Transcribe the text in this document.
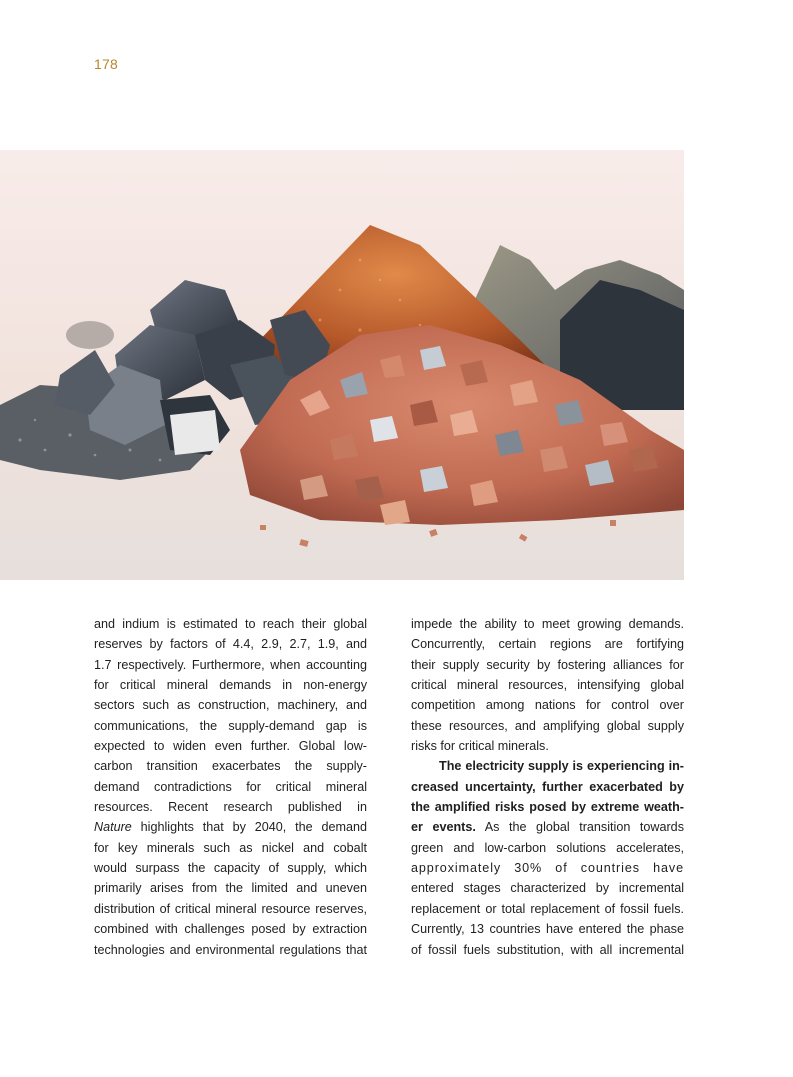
178
and indium is estimated to reach their global
reserves by factors of 4.4, 2.9, 2.7, 1.9, and
1.7 respectively. Furthermore, when accounting
for critical mineral demands in non-energy
sectors such as construction, machinery, and
communications, the supply-demand gap is
expected to widen even further. Global low-
carbon transition exacerbates the supply-
demand contradictions for critical mineral
resources. Recent research published in
Nature highlights that by 2040, the demand
for key minerals such as nickel and cobalt
would surpass the capacity of supply, which
primarily arises from the limited and uneven
distribution of critical mineral resource reserves,
combined with challenges posed by extraction
technologies and environmental regulations that
impede the ability to meet growing demands.
Concurrently, certain regions are fortifying
their supply security by fostering alliances for
critical mineral resources, intensifying global
competition among nations for control over
these resources, and amplifying global supply
risks for critical minerals.
The electricity supply is experiencing in-
creased uncertainty, further exacerbated by
the amplified risks posed by extreme weath-
er events. As the global transition towards
green and low-carbon solutions accelerates,
approximately 30% of countries have
entered stages characterized by incremental
replacement or total replacement of fossil fuels.
Currently, 13 countries have entered the phase
of fossil fuels substitution, with all incremental
